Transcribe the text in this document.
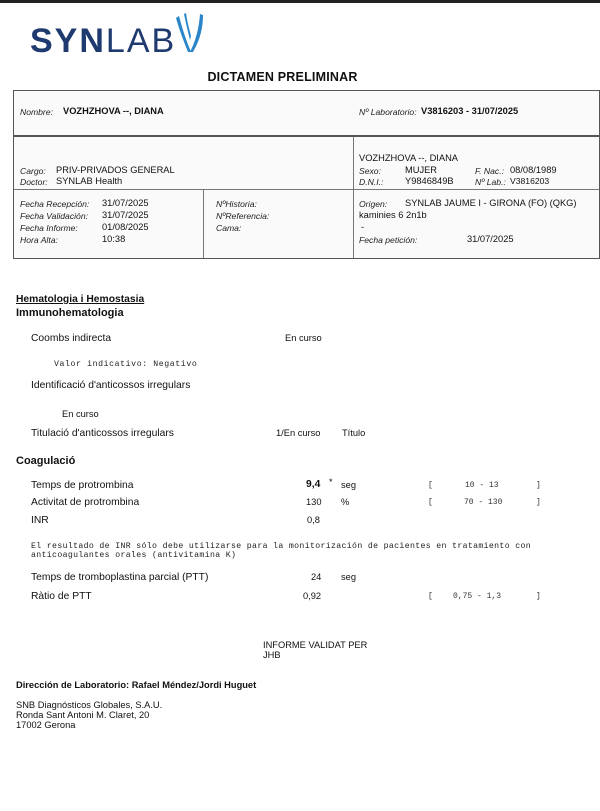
SYNLAB
DICTAMEN PRELIMINAR
Nombre: VOZHZHOVA --, DIANA	Nº Laboratorio: V3816203 - 31/07/2025
Cargo: PRIV-PRIVADOS GENERAL
Doctor: SYNLAB Health
VOZHZHOVA --, DIANA
Sexo:	MUJER	F. Nac.: 08/08/1989
D.N.I.: Y9846849B Nº Lab.: V3816203
Fecha Recepción: 31/07/2025
Fecha Validación: 31/07/2025
Fecha Informe:	01/08/2025
Hora Alta:	10:38
NºHistoria:
NºReferencia:
Cama:
Origen: SYNLAB JAUME I - GIRONA (FO) (QKG)
kaminies 6 2n1b
-
Fecha petición:	31/07/2025
Hematologia i Hemostasia
Immunohematologia
Coombs indirecta	En curso
Valor indicativo: Negativo
Identificació d'anticossos irregulars
En curso
Titulació d'anticossos irregulars	1/En curso Título
Coagulació
Temps de protrombina	9,4 * seg	[	10 - 13	]
Activitat de protrombina	130 %	[	70 - 130	]
INR	0,8
El resultado de INR sólo debe utilizarse para la monitorización de pacientes en tratamiento con
anticoagulantes orales (antivitamina K)
Temps de tromboplastina parcial (PTT)	24 seg
Ràtio de PTT	0,92	[	0,75 - 1,3	]
INFORME VALIDAT PER
JHB
Dirección de Laboratorio: Rafael Méndez/Jordi Huguet
SNB Diagnósticos Globales, S.A.U.
Ronda Sant Antoni M. Claret, 20
17002 Gerona
